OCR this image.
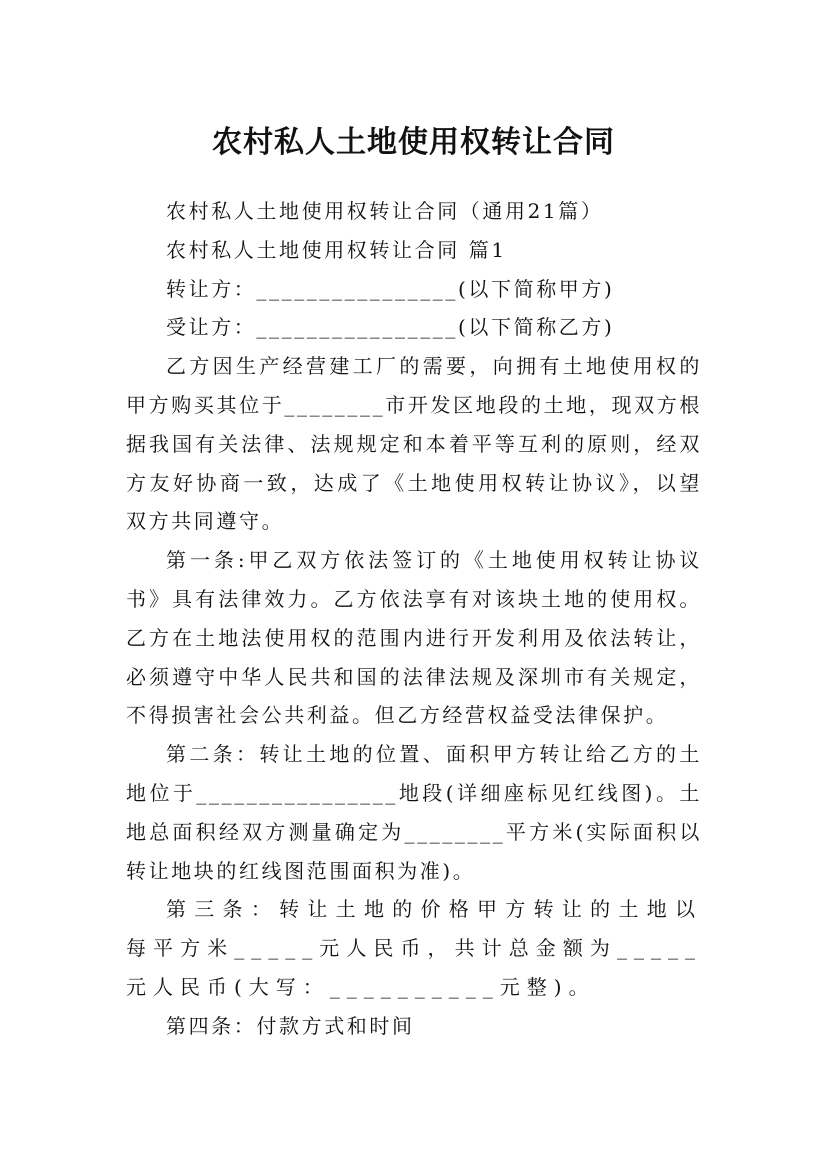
农村私人土地使用权转让合同

农村私人土地使用权转让合同（通用21篇）

农村私人土地使用权转让合同 篇1

转让方：________________(以下简称甲方)

受让方：________________(以下简称乙方)

乙方因生产经营建工厂的需要，向拥有土地使用权的甲方购买其位于________市开发区地段的土地，现双方根据我国有关法律、法规规定和本着平等互利的原则，经双方友好协商一致，达成了《土地使用权转让协议》，以望双方共同遵守。

第一条:甲乙双方依法签订的《土地使用权转让协议书》具有法律效力。乙方依法享有对该块土地的使用权。乙方在土地法使用权的范围内进行开发利用及依法转让，必须遵守中华人民共和国的法律法规及深圳市有关规定，不得损害社会公共利益。但乙方经营权益受法律保护。

第二条：转让土地的位置、面积甲方转让给乙方的土地位于________________地段(详细座标见红线图)。土地总面积经双方测量确定为________平方米(实际面积以转让地块的红线图范围面积为准)。

第三条：转让土地的价格甲方转让的土地以每平方米_____元人民币，共计总金额为_____元人民币(大写：__________元整)。

第四条：付款方式和时间
